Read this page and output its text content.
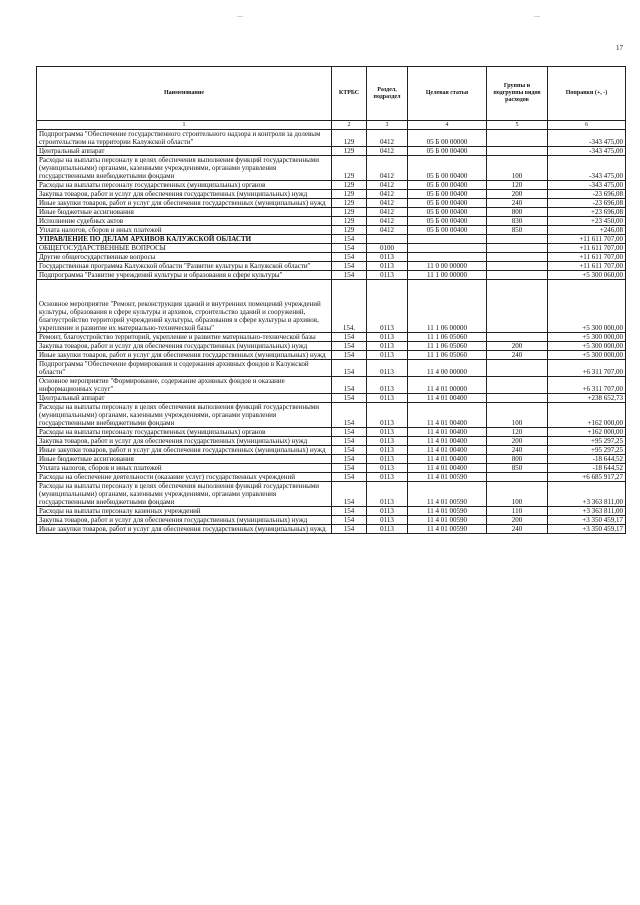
—	—
17
Наименование	КТРБС	Раздел, подраздел	Целевая статья	Группы и подгруппы видов расходов	Поправки (+, -)
1	2	3	4	5	6
Подпрограмма "Обеспечение государственного строительного надзора и контроля за долевым строительством на территории Калужской области"	129	0412	05 Б 00 00000		-343 475,00
Центральный аппарат	129	0412	05 Б 00 00400		-343 475,00
Расходы на выплаты персоналу в целях обеспечения выполнения функций государственными (муниципальными) органами, казенными учреждениями, органами управления государственными внебюджетными фондами	129	0412	05 Б 00 00400	100	-343 475,00
Расходы на выплаты персоналу государственных (муниципальных) органов	129	0412	05 Б 00 00400	120	-343 475,00
Закупка товаров, работ и услуг для обеспечения государственных (муниципальных) нужд	129	0412	05 Б 00 00400	200	-23 696,08
Иные закупки товаров, работ и услуг для обеспечения государственных (муниципальных) нужд	129	0412	05 Б 00 00400	240	-23 696,08
Иные бюджетные ассигнования	129	0412	05 Б 00 00400	800	+23 696,08
Исполнение судебных актов	129	0412	05 Б 00 00400	830	+23 450,00
Уплата налогов, сборов и иных платежей	129	0412	05 Б 00 00400	850	+246,08
УПРАВЛЕНИЕ ПО ДЕЛАМ АРХИВОВ КАЛУЖСКОЙ ОБЛАСТИ	154				+11 611 707,00
ОБЩЕГОСУДАРСТВЕННЫЕ ВОПРОСЫ	154	0100			+11 611 707,00
Другие общегосударственные вопросы	154	0113			+11 611 707,00
Государственная программа Калужской области "Развитие культуры в Калужской области"	154	0113	11 0 00 00000		+11 611 707,00
Подпрограмма "Развитие учреждений культуры и образования в сфере культуры"	154	0113	11 1 00 00000		+5 300 060,00
Основное мероприятие "Ремонт, реконструкция зданий и внутренних помещений учреждений культуры, образования в сфере культуры и архивов, строительство зданий и сооружений, благоустройство территорий учреждений культуры, образования в сфере культуры и архивов, укрепление и развитие их материально-технической базы"	154.	0113	11 1 06 00000		+5 300 000,00
Ремонт, благоустройство территорий, укрепление и развитие материально-технической базы	154	0113	11 1 06 05060		+5 300 000,00
Закупка товаров, работ и услуг для обеспечения государственных (муниципальных) нужд	154	0113	11 1 06 05060	200	+5 300 000,00
Иные закупки товаров, работ и услуг для обеспечения государственных (муниципальных) нужд	154	0113	11 1 06 05060	240	+5 300 000,00
Подпрограмма "Обеспечение формирования и содержания архивных фондов в Калужской области"	154	0113	11 4 00 00000		+6 311 707,00
Основное мероприятие "Формирование, содержание архивных фондов и оказание информационных услуг"	154	0113	11 4 01 00000		+6 311 707,00
Центральный аппарат	154	0113	11 4 01 00400		+238 652,73
Расходы на выплаты персоналу в целях обеспечения выполнения функций государственными (муниципальными) органами, казенными учреждениями, органами управления государственными внебюджетными фондами	154	0113	11 4 01 00400	100	+162 000,00
Расходы на выплаты персоналу государственных (муниципальных) органов	154	0113	11 4 01 00400	120	+162 000,00
Закупка товаров, работ и услуг для обеспечения государственных (муниципальных) нужд	154	0113	11 4 01 00400	200	+95 297,25
Иные закупки товаров, работ и услуг для обеспечения государственных (муниципальных) нужд	154	0113	11 4 01 00400	240	+95 297,25
Иные бюджетные ассигнования	154	0113	11 4 01 00400	800	-18 644,52
Уплата налогов, сборов и иных платежей	154	0113	11 4 01 00400	850	-18 644,52
Расходы на обеспечение деятельности (оказание услуг) государственных учреждений	154	0113	11 4 01 00590		+6 685 917,27
Расходы на выплаты персоналу в целях обеспечения выполнения функций государственными (муниципальными) органами, казенными учреждениями, органами управления государственными внебюджетными фондами	154	0113	11 4 01 00590	100	+3 363 811,00
Расходы на выплаты персоналу казенных учреждений	154	0113	11 4 01 00590	110	+3 363 811,00
Закупка товаров, работ и услуг для обеспечения государственных (муниципальных) нужд	154	0113	11 4 01 00590	200	+3 350 459,17
Иные закупки товаров, работ и услуг для обеспечения государственных (муниципальных) нужд	154	0113	11 4 01 00590	240	+3 350 459,17
